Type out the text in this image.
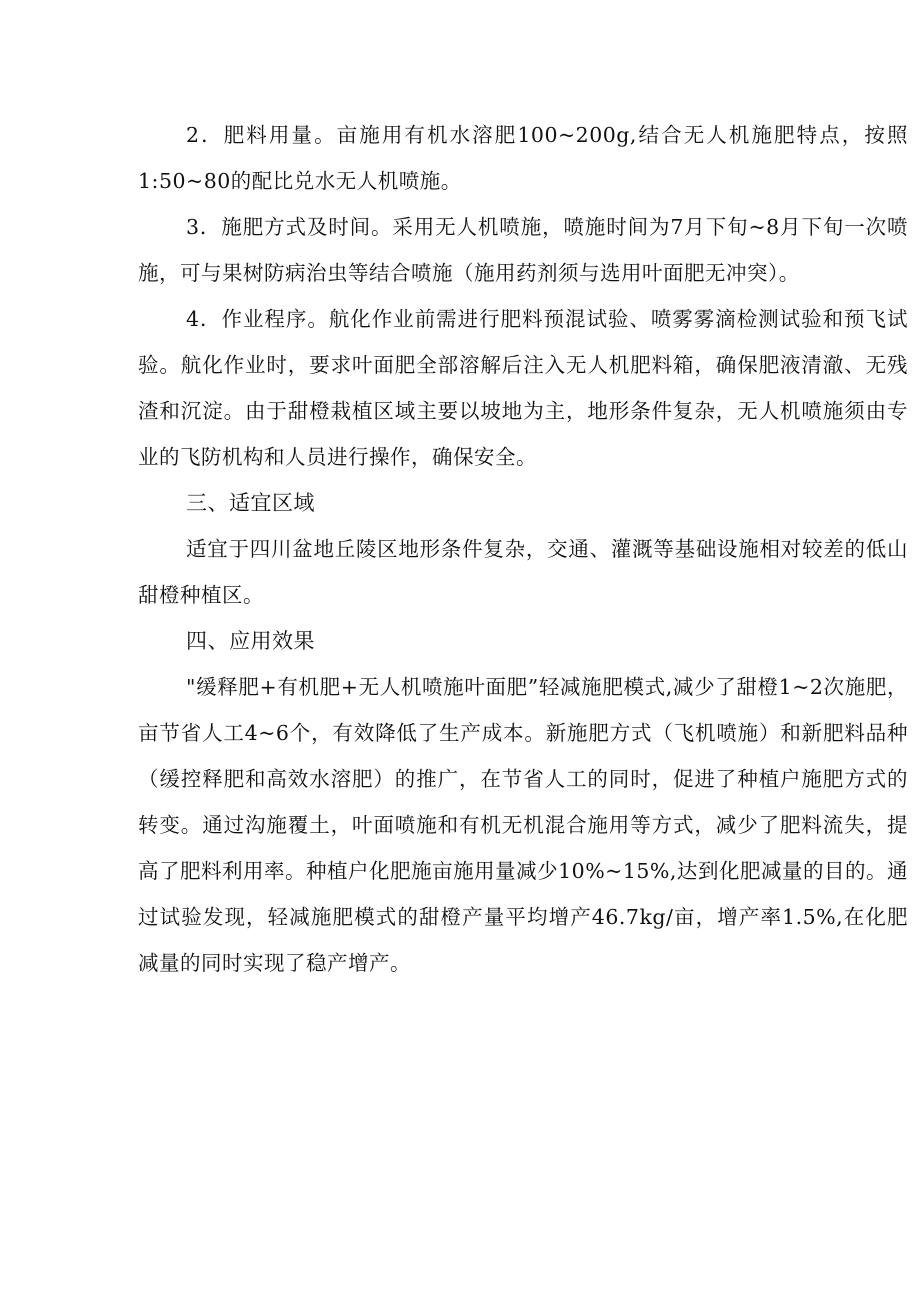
2．肥料用量。亩施用有机水溶肥100~200g,结合无人机施肥特点，按照1:50~80的配比兑水无人机喷施。

3．施肥方式及时间。采用无人机喷施，喷施时间为7月下旬~8月下旬一次喷施，可与果树防病治虫等结合喷施（施用药剂须与选用叶面肥无冲突）。

4．作业程序。航化作业前需进行肥料预混试验、喷雾雾滴检测试验和预飞试验。航化作业时，要求叶面肥全部溶解后注入无人机肥料箱，确保肥液清澈、无残渣和沉淀。由于甜橙栽植区域主要以坡地为主，地形条件复杂，无人机喷施须由专业的飞防机构和人员进行操作，确保安全。

三、适宜区域

适宜于四川盆地丘陵区地形条件复杂，交通、灌溉等基础设施相对较差的低山甜橙种植区。

四、应用效果

"缓释肥+有机肥+无人机喷施叶面肥”轻减施肥模式,减少了甜橙1~2次施肥，亩节省人工4~6个，有效降低了生产成本。新施肥方式（飞机喷施）和新肥料品种（缓控释肥和高效水溶肥）的推广，在节省人工的同时，促进了种植户施肥方式的转变。通过沟施覆土，叶面喷施和有机无机混合施用等方式，减少了肥料流失，提高了肥料利用率。种植户化肥施亩施用量减少10%~15%,达到化肥减量的目的。通过试验发现，轻减施肥模式的甜橙产量平均增产46.7kg/亩，增产率1.5%,在化肥减量的同时实现了稳产增产。
